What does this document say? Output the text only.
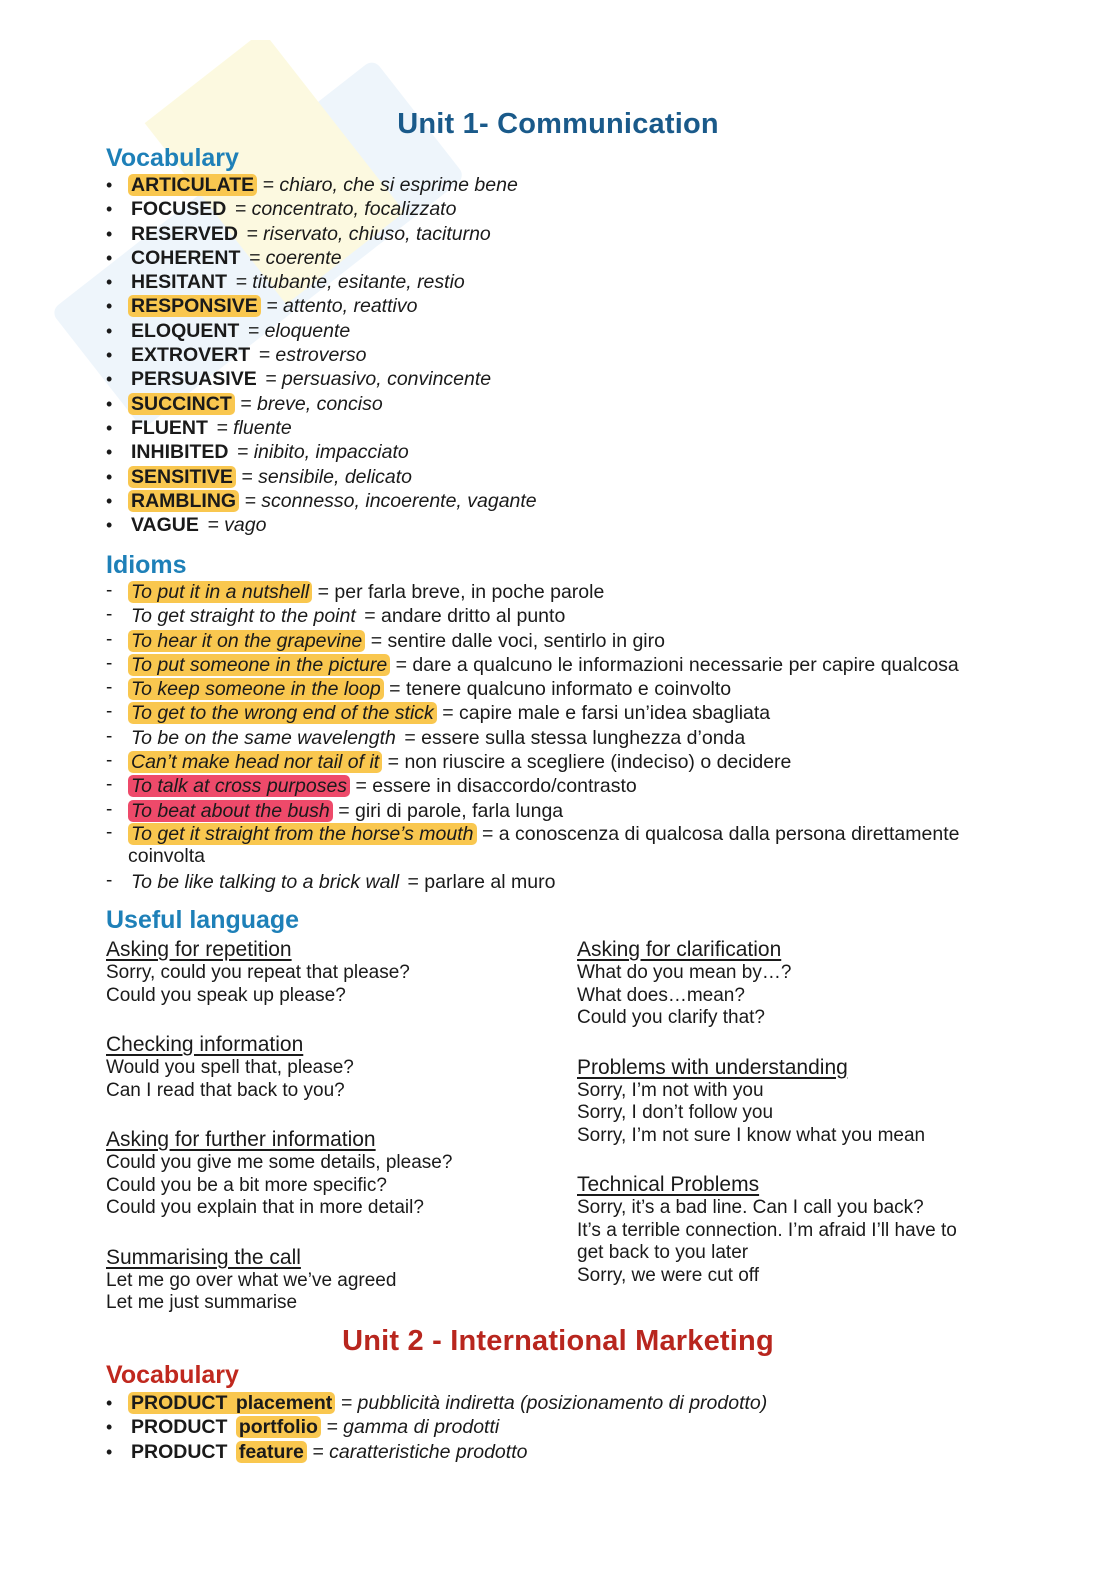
Unit 1- Communication
Vocabulary
• ARTICULATE = chiaro, che si esprime bene
• FOCUSED = concentrato, focalizzato
• RESERVED = riservato, chiuso, taciturno
• COHERENT = coerente
• HESITANT = titubante, esitante, restio
• RESPONSIVE = attento, reattivo
• ELOQUENT = eloquente
• EXTROVERT = estroverso
• PERSUASIVE = persuasivo, convincente
• SUCCINCT = breve, conciso
• FLUENT = fluente
• INHIBITED = inibito, impacciato
• SENSITIVE = sensibile, delicato
• RAMBLING = sconnesso, incoerente, vagante
• VAGUE = vago
Idioms
- To put it in a nutshell = per farla breve, in poche parole
- To get straight to the point = andare dritto al punto
- To hear it on the grapevine = sentire dalle voci, sentirlo in giro
- To put someone in the picture = dare a qualcuno le informazioni necessarie per capire qualcosa
- To keep someone in the loop = tenere qualcuno informato e coinvolto
- To get to the wrong end of the stick = capire male e farsi un’idea sbagliata
- To be on the same wavelength = essere sulla stessa lunghezza d’onda
- Can’t make head nor tail of it = non riuscire a scegliere (indeciso) o decidere
- To talk at cross purposes = essere in disaccordo/contrasto
- To beat about the bush = giri di parole, farla lunga
- To get it straight from the horse’s mouth = a conoscenza di qualcosa dalla persona direttamente coinvolta
- To be like talking to a brick wall = parlare al muro
Useful language

Asking for repetition

Sorry, could you repeat that please?

Could you speak up please?

Checking information

Would you spell that, please?

Can I read that back to you?

Asking for further information

Could you give me some details, please?

Could you be a bit more specific?

Could you explain that in more detail?

Summarising the call

Let me go over what we’ve agreed

Let me just summarise

Asking for clarification

What do you mean by…?

What does…mean?

Could you clarify that?

Problems with understanding

Sorry, I’m not with you

Sorry, I don’t follow you

Sorry, I’m not sure I know what you mean

Technical Problems

Sorry, it’s a bad line. Can I call you back?

It’s a terrible connection. I’m afraid I’ll have to

get back to you later

Sorry, we were cut off

Unit 2 - International Marketing
Vocabulary
• PRODUCT placement = pubblicità indiretta (posizionamento di prodotto)
• PRODUCT portfolio = gamma di prodotti
• PRODUCT feature = caratteristiche prodotto
